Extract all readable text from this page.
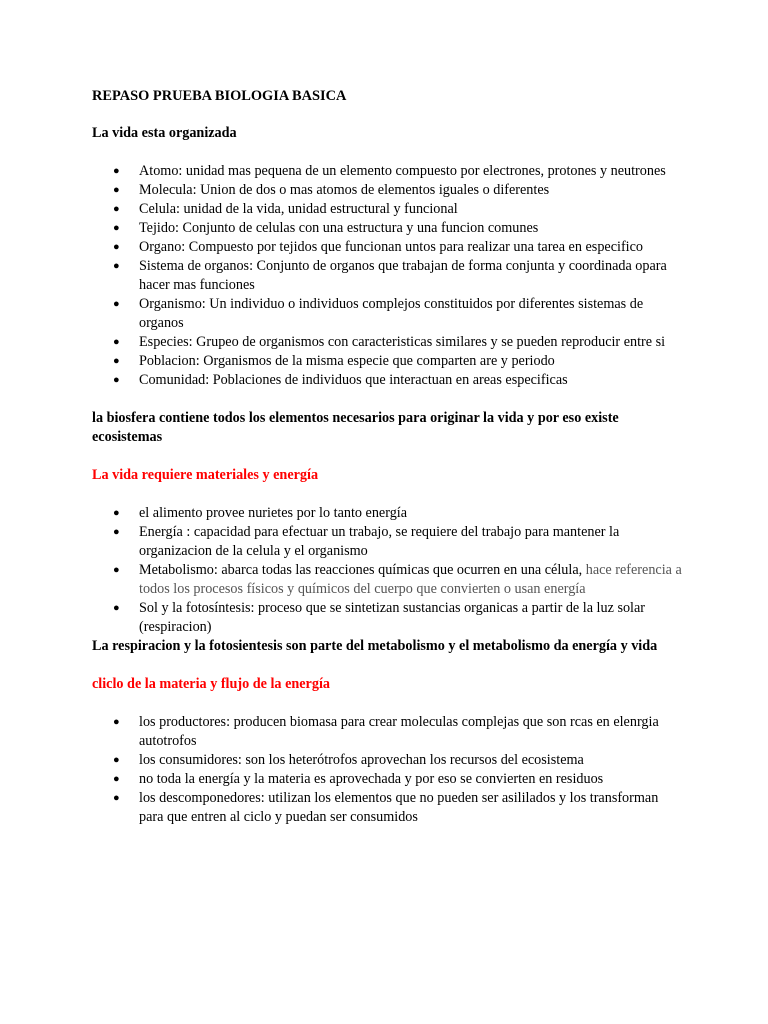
REPASO PRUEBA BIOLOGIA BASICA

La vida esta organizada

● Atomo: unidad mas pequena de un elemento compuesto por electrones, protones y neutrones
● Molecula: Union de dos o mas atomos de elementos iguales o diferentes
● Celula: unidad de la vida, unidad estructural y funcional
● Tejido: Conjunto de celulas con una estructura y una funcion comunes
● Organo: Compuesto por tejidos que funcionan untos para realizar una tarea en especifico
● Sistema de organos: Conjunto de organos que trabajan de forma conjunta y coordinada opara hacer mas funciones
● Organismo: Un individuo o individuos complejos constituidos por diferentes sistemas de organos
● Especies: Grupeo de organismos con caracteristicas similares y se pueden reproducir entre si
● Poblacion: Organismos de la misma especie que comparten are y periodo
● Comunidad: Poblaciones de individuos que interactuan en areas especificas

la biosfera contiene todos los elementos necesarios para originar la vida y por eso existe ecosistemas

La vida requiere materiales y energía

● el alimento provee nurietes por lo tanto energía
● Energía : capacidad para efectuar un trabajo, se requiere del trabajo para mantener la organizacion de la celula y el organismo
● Metabolismo: abarca todas las reacciones químicas que ocurren en una célula, hace referencia a todos los procesos físicos y químicos del cuerpo que convierten o usan energía
● Sol y la fotosíntesis: proceso que se sintetizan sustancias organicas a partir de la luz solar (respiracion)

La respiracion y la fotosientesis son parte del metabolismo y el metabolismo da energía y vida

cliclo de la materia y flujo de la energía

● los productores: producen biomasa para crear moleculas complejas que son rcas en elenrgia autotrofos
● los consumidores: son los heterótrofos aprovechan los recursos del ecosistema
● no toda la energía y la materia es aprovechada y por eso se convierten en residuos
● los descomponedores: utilizan los elementos que no pueden ser asililados y los transforman para que entren al ciclo y puedan ser consumidos
